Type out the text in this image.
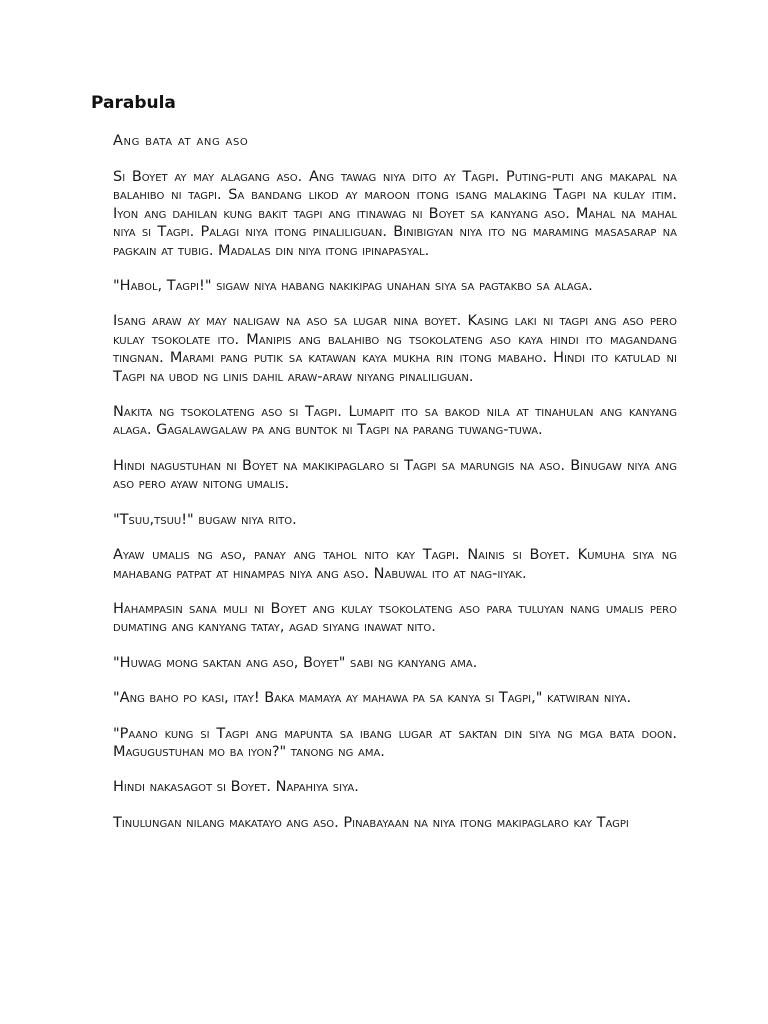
Parabula
Ang bata at ang aso

Si Boyet ay may alagang aso. Ang tawag niya dito ay Tagpi. Puting-puti ang makapal na balahibo ni tagpi. Sa bandang likod ay maroon itong isang malaking Tagpi na kulay itim. Iyon ang dahilan kung bakit tagpi ang itinawag ni Boyet sa kanyang aso. Mahal na mahal niya si Tagpi. Palagi niya itong pinaliliguan. Binibigyan niya ito ng maraming masasarap na pagkain at tubig. Madalas din niya itong ipinapasyal.

"Habol, Tagpi!" sigaw niya habang nakikipag unahan siya sa pagtakbo sa alaga.

Isang araw ay may naligaw na aso sa lugar nina boyet. Kasing laki ni tagpi ang aso pero kulay tsokolate ito. Manipis ang balahibo ng tsokolateng aso kaya hindi ito magandang tingnan. Marami pang putik sa katawan kaya mukha rin itong mabaho. Hindi ito katulad ni Tagpi na ubod ng linis dahil araw-araw niyang pinaliliguan.

Nakita ng tsokolateng aso si Tagpi. Lumapit ito sa bakod nila at tinahulan ang kanyang alaga. Gagalawgalaw pa ang buntok ni Tagpi na parang tuwang-tuwa.

Hindi nagustuhan ni Boyet na makikipaglaro si Tagpi sa marungis na aso. Binugaw niya ang aso pero ayaw nitong umalis.

"Tsuu,tsuu!" bugaw niya rito.

Ayaw umalis ng aso, panay ang tahol nito kay Tagpi. Nainis si Boyet. Kumuha siya ng mahabang patpat at hinampas niya ang aso. Nabuwal ito at nag-iiyak.

Hahampasin sana muli ni Boyet ang kulay tsokolateng aso para tuluyan nang umalis pero dumating ang kanyang tatay, agad siyang inawat nito.

"Huwag mong saktan ang aso, Boyet" sabi ng kanyang ama.

"Ang baho po kasi, itay! Baka mamaya ay mahawa pa sa kanya si Tagpi," katwiran niya.

"Paano kung si Tagpi ang mapunta sa ibang lugar at saktan din siya ng mga bata doon. Magugustuhan mo ba iyon?" tanong ng ama.

Hindi nakasagot si Boyet. Napahiya siya.

Tinulungan nilang makatayo ang aso. Pinabayaan na niya itong makipaglaro kay Tagpi
